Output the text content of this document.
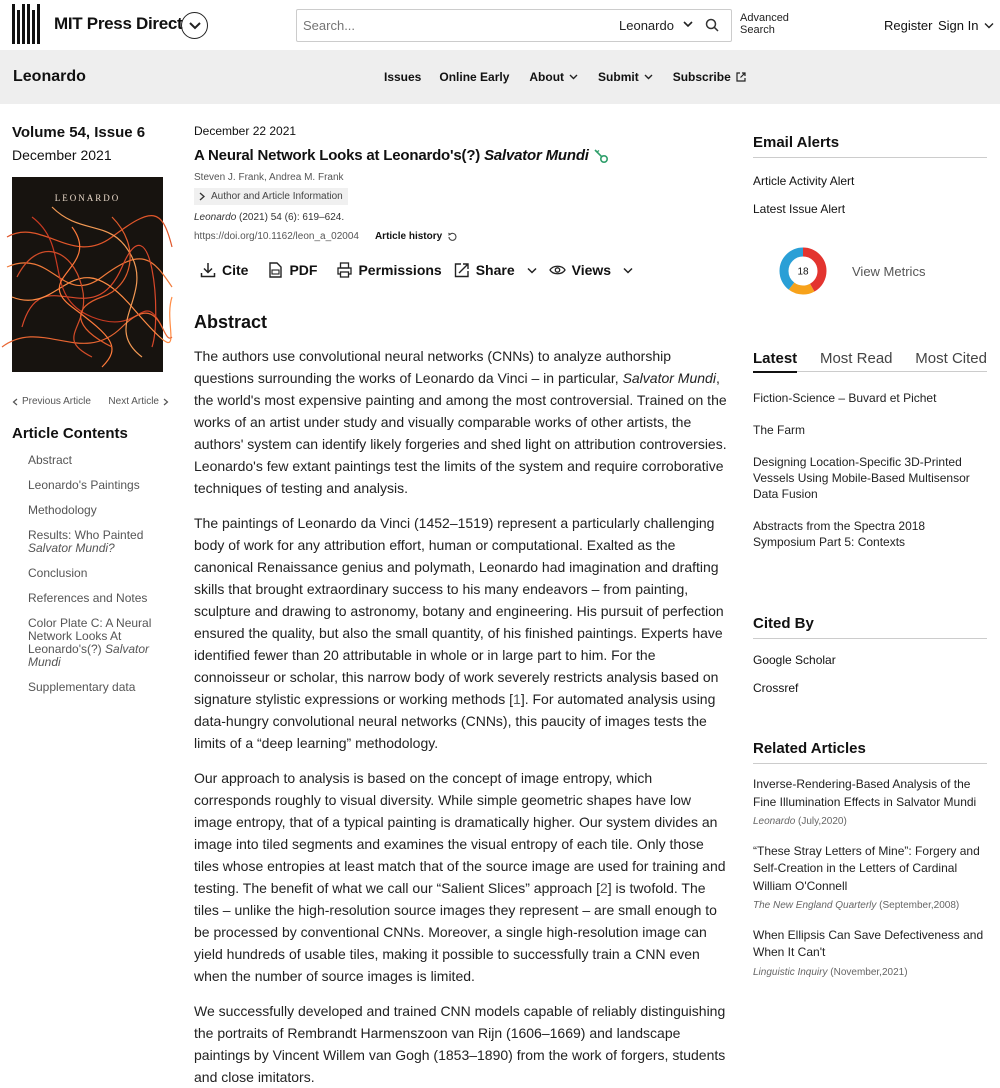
MIT Press Direct
Search...	Leonardo	Advanced Search	Register Sign In
Leonardo	Issues Online Early About	Submit	Subscribe
Volume 54, Issue 6
December 2021
LEONARDO
Previous Article Next Article
Article Contents
Abstract
Leonardo's Paintings
Methodology
Results: Who Painted
Salvator Mundi?
Conclusion
References and Notes
Color Plate C: A Neural Network Looks At Leonardo's(?) Salvator Mundi
Supplementary data
December 22 2021
A Neural Network Looks at Leonardo's(?) Salvator Mundi
Steven J. Frank, Andrea M. Frank
Author and Article Information
Leonardo (2021) 54 (6): 619–624.
https://doi.org/10.1162/leon_a_02004 Article history
Cite	PDF	Permissions Share	Views
Abstract
The authors use convolutional neural networks (CNNs) to analyze authorship questions surrounding the works of Leonardo da Vinci – in particular, Salvator Mundi, the world's most expensive painting and among the most controversial. Trained on the works of an artist under study and visually comparable works of other artists, the authors' system can identify likely forgeries and shed light on attribution controversies. Leonardo's few extant paintings test the limits of the system and require corroborative techniques of testing and analysis.
The paintings of Leonardo da Vinci (1452–1519) represent a particularly challenging body of work for any attribution effort, human or computational. Exalted as the canonical Renaissance genius and polymath, Leonardo had imagination and drafting skills that brought extraordinary success to his many endeavors – from painting, sculpture and drawing to astronomy, botany and engineering. His pursuit of perfection ensured the quality, but also the small quantity, of his finished paintings. Experts have identified fewer than 20 attributable in whole or in large part to him. For the connoisseur or scholar, this narrow body of work severely restricts analysis based on signature stylistic expressions or working methods [1]. For automated analysis using data-hungry convolutional neural networks (CNNs), this paucity of images tests the limits of a “deep learning” methodology.
Our approach to analysis is based on the concept of image entropy, which corresponds roughly to visual diversity. While simple geometric shapes have low image entropy, that of a typical painting is dramatically higher. Our system divides an image into tiled segments and examines the visual entropy of each tile. Only those tiles whose entropies at least match that of the source image are used for training and testing. The benefit of what we call our “Salient Slices” approach [2] is twofold. The tiles – unlike the high-resolution source images they represent – are small enough to be processed by conventional CNNs. Moreover, a single high-resolution image can yield hundreds of usable tiles, making it possible to successfully train a CNN even when the number of source images is limited.
We successfully developed and trained CNN models capable of reliably distinguishing the portraits of Rembrandt Harmenszoon van Rijn (1606–1669) and landscape paintings by Vincent Willem van Gogh (1853–1890) from the work of forgers, students and close imitators.
Email Alerts
Article Activity Alert
Latest Issue Alert
18	View Metrics
Latest Most Read Most Cited
Fiction-Science – Buvard et Pichet
The Farm
Designing Location-Specific 3D-Printed Vessels Using Mobile-Based Multisensor Data Fusion
Abstracts from the Spectra 2018 Symposium Part 5: Contexts
Cited By
Google Scholar
Crossref
Related Articles
Inverse-Rendering-Based Analysis of the Fine Illumination Effects in Salvator Mundi
Leonardo (July,2020)
“These Stray Letters of Mine”: Forgery and Self-Creation in the Letters of Cardinal William O'Connell
The New England Quarterly (September,2008)
When Ellipsis Can Save Defectiveness and When It Can't
Linguistic Inquiry (November,2021)
